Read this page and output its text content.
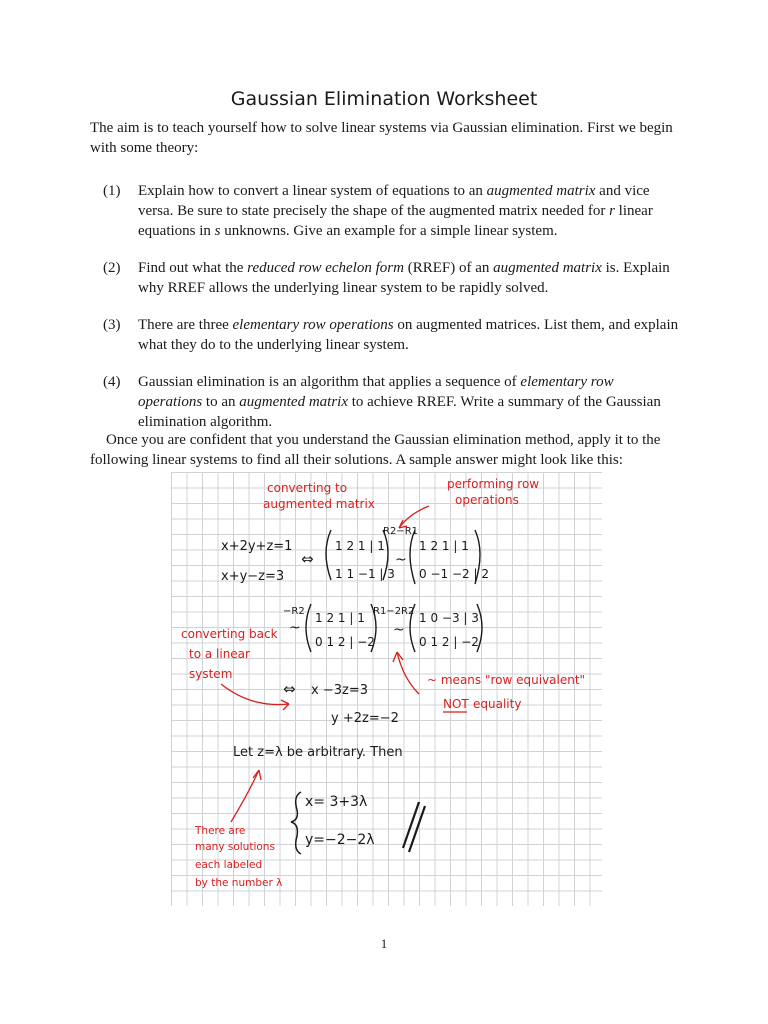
Gaussian Elimination Worksheet

The aim is to teach yourself how to solve linear systems via Gaussian elimination. First we begin with some theory:

(1) Explain how to convert a linear system of equations to an augmented matrix and vice versa. Be sure to state precisely the shape of the augmented matrix needed for r linear equations in s unknowns. Give an example for a simple linear system.
(2) Find out what the reduced row echelon form (RREF) of an augmented matrix is. Explain why RREF allows the underlying linear system to be rapidly solved.
(3) There are three elementary row operations on augmented matrices. List them, and explain what they do to the underlying linear system.
(4) Gaussian elimination is an algorithm that applies a sequence of elementary row operations to an augmented matrix to achieve RREF. Write a summary of the Gaussian elimination algorithm.

Once you are confident that you understand the Gaussian elimination method, apply it to the following linear systems to find all their solutions. A sample answer might look like this:

x+2y+z=1
x+y−z=3
⇔
1 2 1 | 1
1 1 −1 | 3
R2−R1
~
1 2 1 | 1
0 −1 −2 | 2
−R2
~
1 2 1 | 1
0 1 2 | −2
R1−2R2
~
1 0 −3 | 3
0 1 2 | −2
⇔ x −3z=3
y +2z=−2
Let z=λ be arbitrary. Then
x= 3+3λ
y=−2−2λ
converting to
augmented matrix
performing row
operations
converting back
to a linear
system	~ means "row equivalent"
NOT equality
There are
many solutions
each labeled
by the number λ
1
